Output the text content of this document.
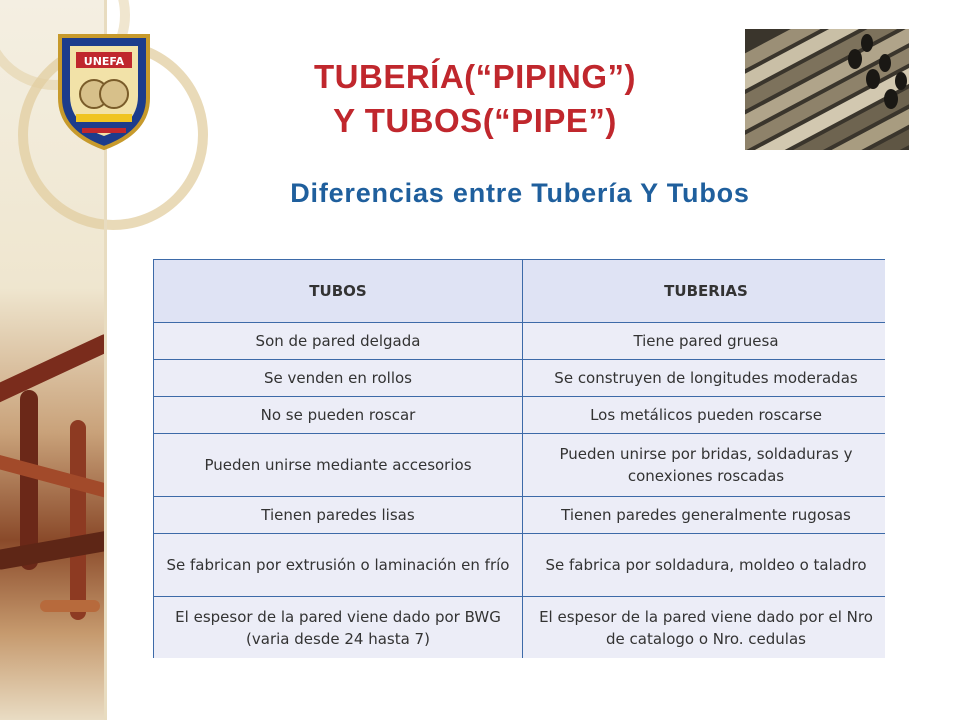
UNEFA	TUBERÍA(“PIPING”)
Y TUBOS(“PIPE”)
Diferencias entre Tubería Y Tubos
TUBOS	TUBERIAS
Son de pared delgada	Tiene pared gruesa
Se venden en rollos	Se construyen de longitudes moderadas
No se pueden roscar	Los metálicos pueden roscarse
Pueden unirse mediante accesorios	Pueden unirse por bridas, soldaduras y conexiones roscadas
Tienen paredes lisas	Tienen paredes generalmente rugosas
Se fabrican por extrusión o laminación en frío	Se fabrica por soldadura, moldeo o taladro
El espesor de la pared viene dado por BWG (varia desde 24 hasta 7)	El espesor de la pared viene dado por el Nro de catalogo o Nro. cedulas
